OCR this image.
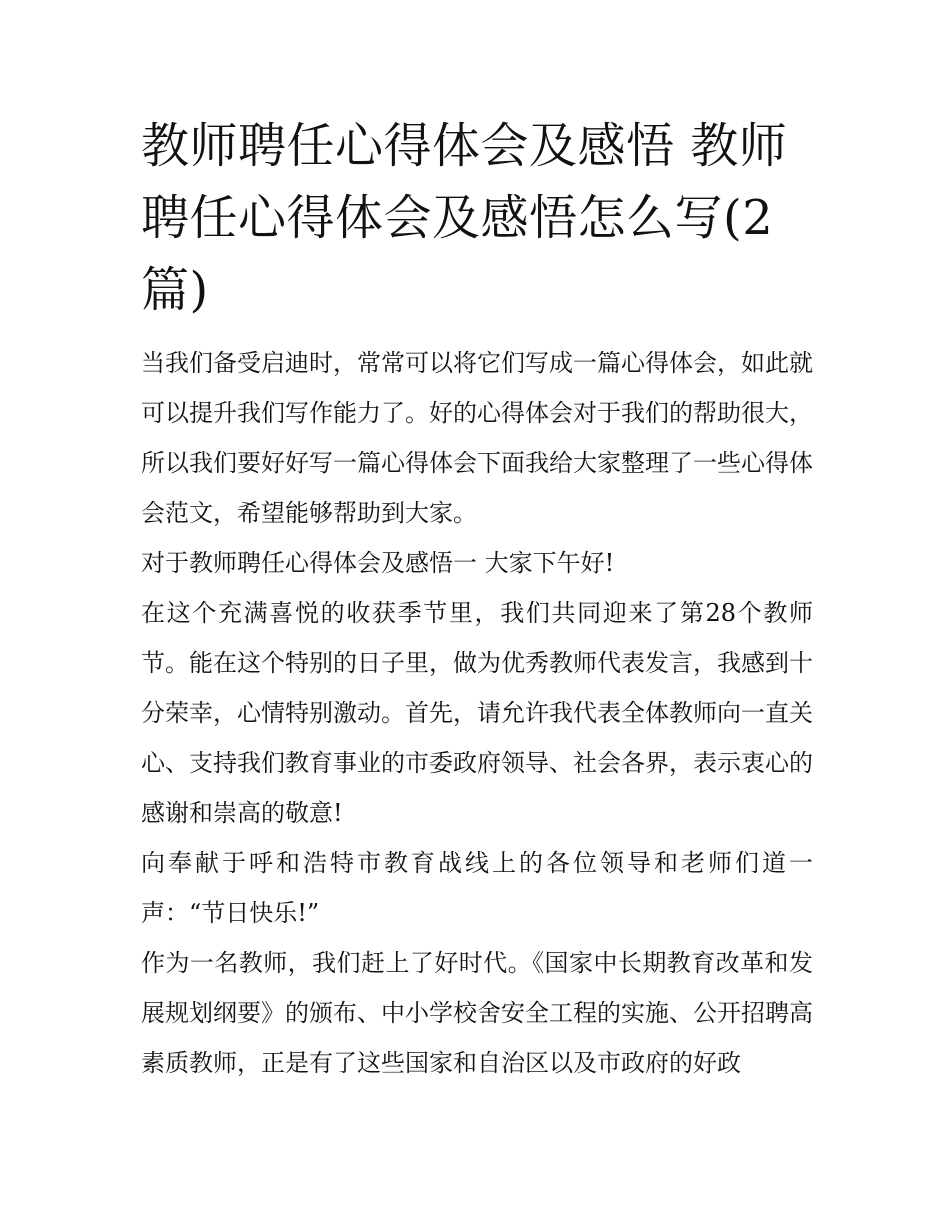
教师聘任心得体会及感悟 教师聘任心得体会及感悟怎么写(2篇)

当我们备受启迪时，常常可以将它们写成一篇心得体会，如此就可以提升我们写作能力了。好的心得体会对于我们的帮助很大，所以我们要好好写一篇心得体会下面我给大家整理了一些心得体会范文，希望能够帮助到大家。

对于教师聘任心得体会及感悟一 大家下午好!

在这个充满喜悦的收获季节里，我们共同迎来了第28个教师节。能在这个特别的日子里，做为优秀教师代表发言，我感到十分荣幸，心情特别激动。首先，请允许我代表全体教师向一直关心、支持我们教育事业的市委政府领导、社会各界，表示衷心的感谢和崇高的敬意!

向奉献于呼和浩特市教育战线上的各位领导和老师们道一声：“节日快乐!”

作为一名教师，我们赶上了好时代。《国家中长期教育改革和发展规划纲要》的颁布、中小学校舍安全工程的实施、公开招聘高素质教师，正是有了这些国家和自治区以及市政府的好政
